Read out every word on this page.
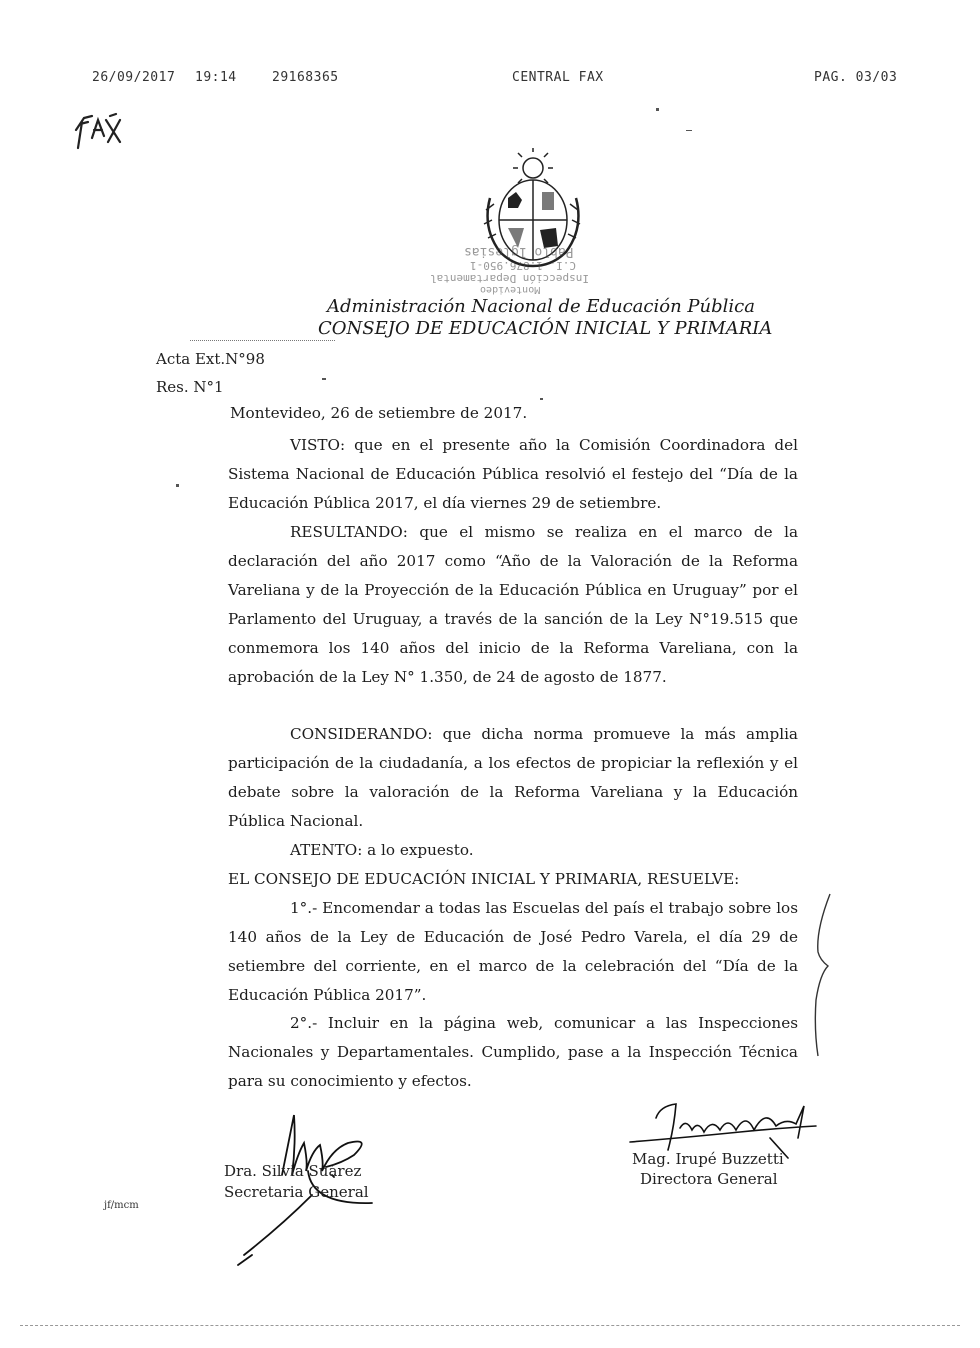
26/09/2017 19:14	29168365	CENTRAL FAX	PAG. 03/03
Pablo Iglesias
C.I. 1.876.950-1
Inspección Departamental
Montevideo
Administración Nacional de Educación Pública
CONSEJO DE EDUCACIÓN INICIAL Y PRIMARIA
Acta Ext.N°98
Res. N°1
Montevideo, 26 de setiembre de 2017.

VISTO: que en el presente año la Comisión Coordinadora del Sistema Nacional de Educación Pública resolvió el festejo del “Día de la Educación Pública 2017, el día viernes 29 de setiembre.

RESULTANDO: que el mismo se realiza en el marco de la declaración del año 2017 como “Año de la Valoración de la Reforma Vareliana y de la Proyección de la Educación Pública en Uruguay” por el Parlamento del Uruguay, a través de la sanción de la Ley N°19.515 que conmemora los 140 años del inicio de la Reforma Vareliana, con la aprobación de la Ley N° 1.350, de 24 de agosto de 1877.

CONSIDERANDO: que dicha norma promueve la más amplia participación de la ciudadanía, a los efectos de propiciar la reflexión y el debate sobre la valoración de la Reforma Vareliana y la Educación Pública Nacional.

ATENTO: a lo expuesto.

EL CONSEJO DE EDUCACIÓN INICIAL Y PRIMARIA, RESUELVE:

1°.- Encomendar a todas las Escuelas del país el trabajo sobre los 140 años de la Ley de Educación de José Pedro Varela, el día 29 de setiembre del corriente, en el marco de la celebración del “Día de la Educación Pública 2017”.

2°.- Incluir en la página web, comunicar a las Inspecciones Nacionales y Departamentales. Cumplido, pase a la Inspección Técnica para su conocimiento y efectos.

Dra. Silvia Suárez
Secretaria General
Mag. Irupé Buzzetti
Directora General
jf/mcm
